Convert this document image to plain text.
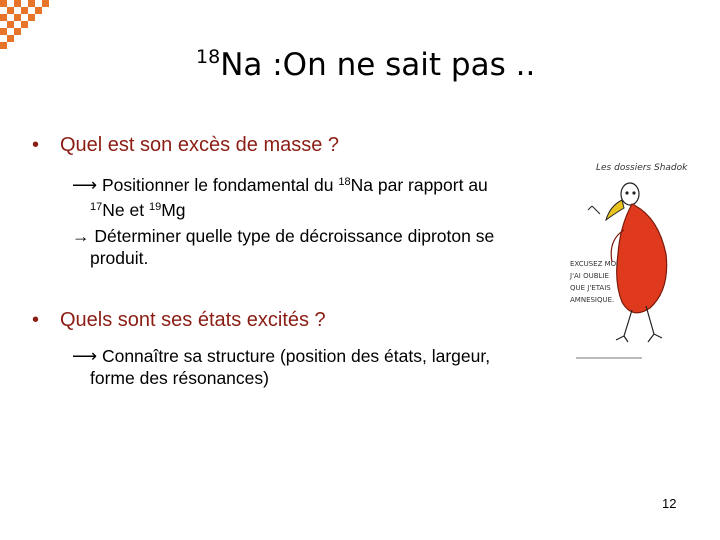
$^{18}$Na :On ne sait pas ..
• Quel est son excès de masse ?
⟶ Positionner le fondamental du $^{18}$Na par rapport au
$^{17}$Ne et $^{19}$Mg
→ Déterminer quelle type de décroissance diproton se
produit.
• Quels sont ses états excités ?
⟶ Connaître sa structure (position des états, largeur,
forme des résonances)
Les dossiers Shadok
EXCUSEZ MOI J'AI OUBLIE QUE J'ETAIS AMNESIQUE.
12
